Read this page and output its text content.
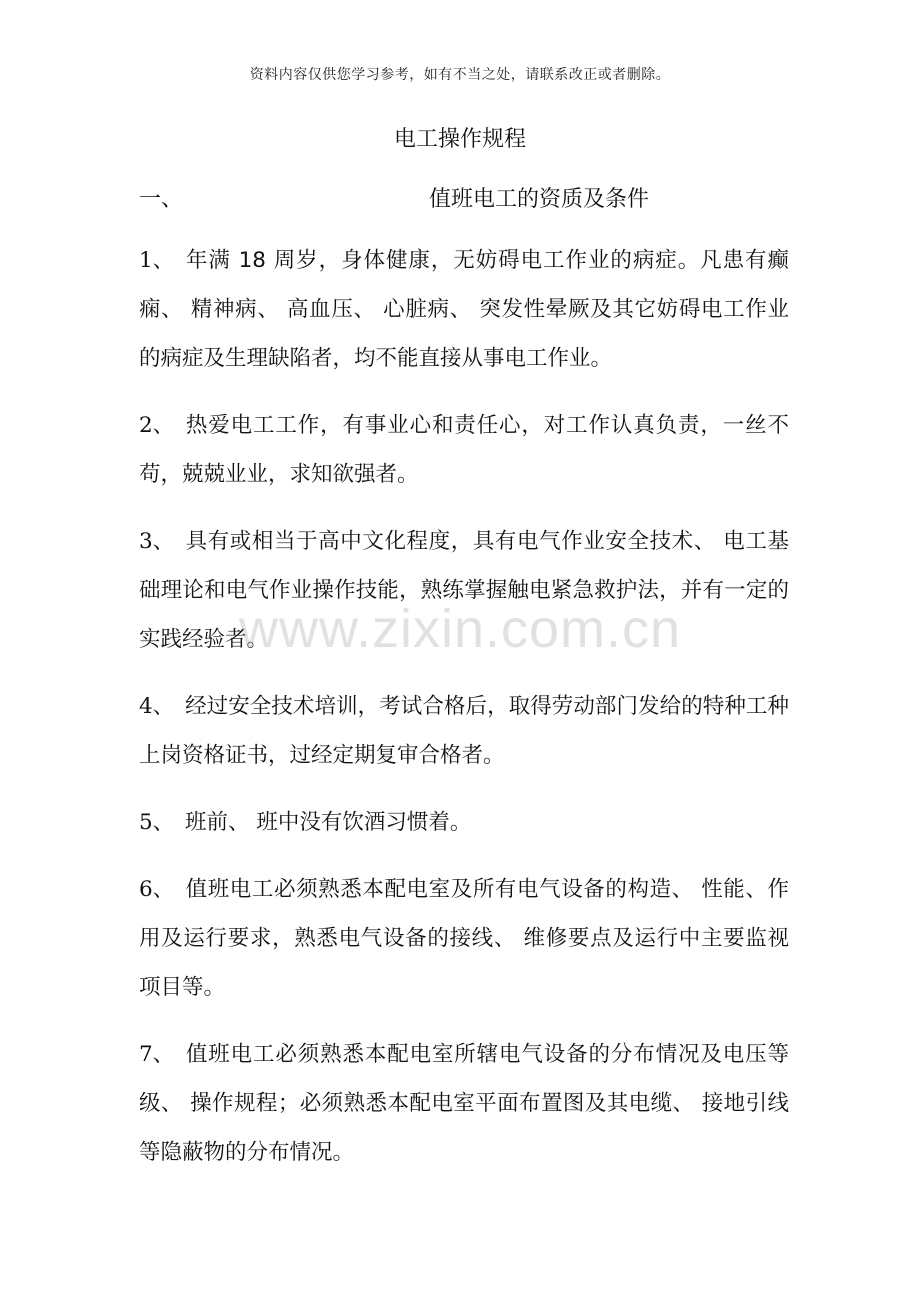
资料内容仅供您学习参考，如有不当之处，请联系改正或者删除。
电工操作规程
一、	值班电工的资质及条件

1、 年满 18 周岁，身体健康，无妨碍电工作业的病症。凡患有癫痫、 精神病、 高血压、 心脏病、 突发性晕厥及其它妨碍电工作业的病症及生理缺陷者，均不能直接从事电工作业。

2、 热爱电工工作，有事业心和责任心，对工作认真负责，一丝不苟，兢兢业业，求知欲强者。

3、 具有或相当于高中文化程度，具有电气作业安全技术、 电工基础理论和电气作业操作技能，熟练掌握触电紧急救护法，并有一定的实践经验者。

4、 经过安全技术培训，考试合格后，取得劳动部门发给的特种工种上岗资格证书，过经定期复审合格者。

5、 班前、 班中没有饮酒习惯着。

6、 值班电工必须熟悉本配电室及所有电气设备的构造、 性能、作用及运行要求，熟悉电气设备的接线、 维修要点及运行中主要监视项目等。

7、 值班电工必须熟悉本配电室所辖电气设备的分布情况及电压等级、 操作规程；必须熟悉本配电室平面布置图及其电缆、 接地引线等隐蔽物的分布情况。

www.zixin.com.cn
